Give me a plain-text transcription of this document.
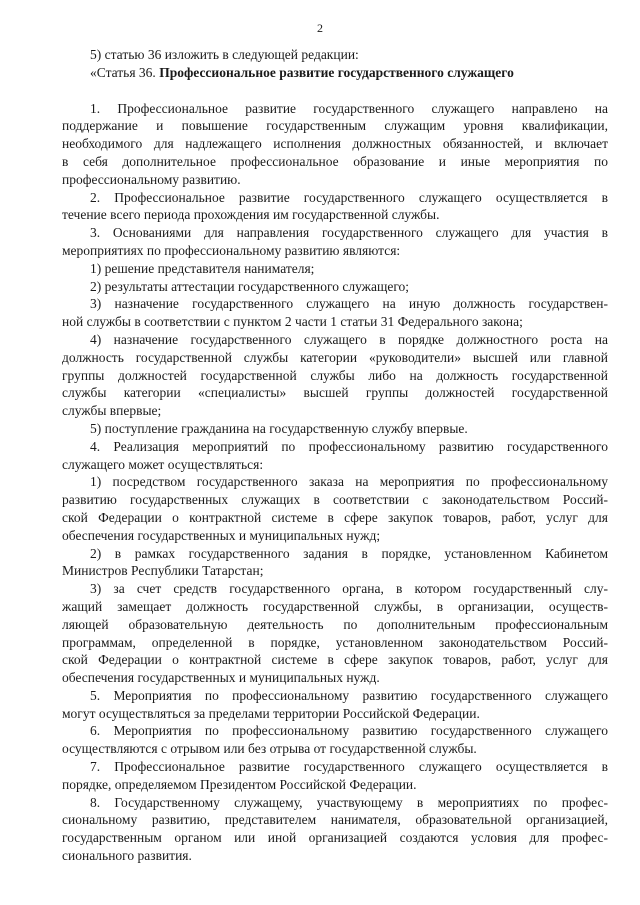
2
5) статью 36 изложить в следующей редакции:
«Статья 36. Профессиональное развитие государственного служащего
1. Профессиональное развитие государственного служащего направлено на
поддержание и повышение государственным служащим уровня квалификации,
необходимого для надлежащего исполнения должностных обязанностей, и включает
в себя дополнительное профессиональное образование и иные мероприятия по
профессиональному развитию.
2. Профессиональное развитие государственного служащего осуществляется в
течение всего периода прохождения им государственной службы.
3. Основаниями для направления государственного служащего для участия в
мероприятиях по профессиональному развитию являются:
1) решение представителя нанимателя;
2) результаты аттестации государственного служащего;
3) назначение государственного служащего на иную должность государствен-
ной службы в соответствии с пунктом 2 части 1 статьи 31 Федерального закона;
4) назначение государственного служащего в порядке должностного роста на
должность государственной службы категории «руководители» высшей или главной
группы должностей государственной службы либо на должность государственной
службы категории «специалисты» высшей группы должностей государственной
службы впервые;
5) поступление гражданина на государственную службу впервые.
4. Реализация мероприятий по профессиональному развитию государственного
служащего может осуществляться:
1) посредством государственного заказа на мероприятия по профессиональному
развитию государственных служащих в соответствии с законодательством Россий-
ской Федерации о контрактной системе в сфере закупок товаров, работ, услуг для
обеспечения государственных и муниципальных нужд;
2) в рамках государственного задания в порядке, установленном Кабинетом
Министров Республики Татарстан;
3) за счет средств государственного органа, в котором государственный слу-
жащий замещает должность государственной службы, в организации, осуществ-
ляющей образовательную деятельность по дополнительным профессиональным
программам, определенной в порядке, установленном законодательством Россий-
ской Федерации о контрактной системе в сфере закупок товаров, работ, услуг для
обеспечения государственных и муниципальных нужд.
5. Мероприятия по профессиональному развитию государственного служащего
могут осуществляться за пределами территории Российской Федерации.
6. Мероприятия по профессиональному развитию государственного служащего
осуществляются с отрывом или без отрыва от государственной службы.
7. Профессиональное развитие государственного служащего осуществляется в
порядке, определяемом Президентом Российской Федерации.
8. Государственному служащему, участвующему в мероприятиях по профес-
сиональному развитию, представителем нанимателя, образовательной организацией,
государственным органом или иной организацией создаются условия для профес-
сионального развития.
